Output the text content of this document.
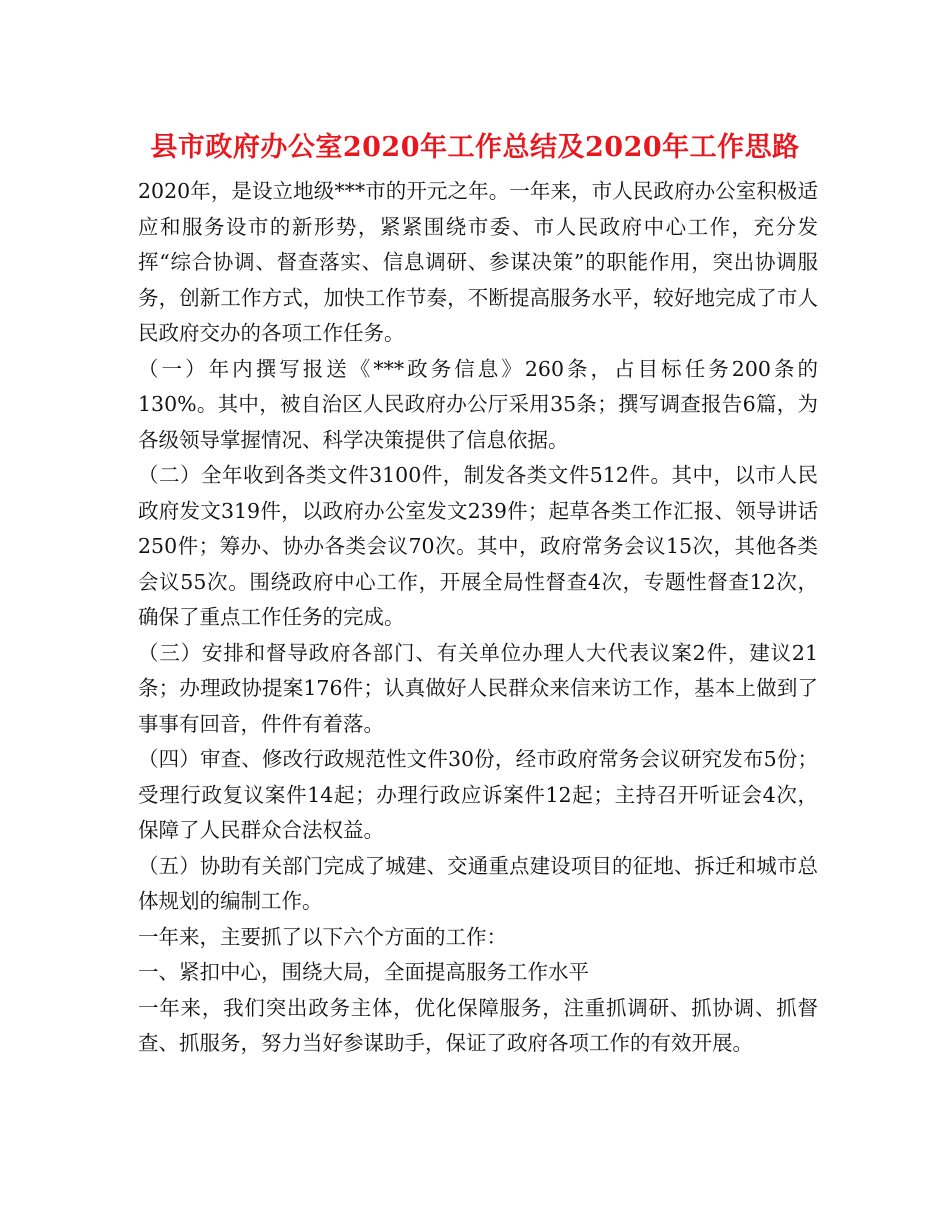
县市政府办公室2020年工作总结及2020年工作思路

2020年，是设立地级***市的开元之年。一年来，市人民政府办公室积极适应和服务设市的新形势，紧紧围绕市委、市人民政府中心工作，充分发挥“综合协调、督查落实、信息调研、参谋决策”的职能作用，突出协调服务，创新工作方式，加快工作节奏，不断提高服务水平，较好地完成了市人民政府交办的各项工作任务。

（一）年内撰写报送《***政务信息》260条，占目标任务200条的130%。其中，被自治区人民政府办公厅采用35条；撰写调查报告6篇，为各级领导掌握情况、科学决策提供了信息依据。

（二）全年收到各类文件3100件，制发各类文件512件。其中，以市人民政府发文319件，以政府办公室发文239件；起草各类工作汇报、领导讲话250件；筹办、协办各类会议70次。其中，政府常务会议15次，其他各类会议55次。围绕政府中心工作，开展全局性督查4次，专题性督查12次，确保了重点工作任务的完成。

（三）安排和督导政府各部门、有关单位办理人大代表议案2件，建议21条；办理政协提案176件；认真做好人民群众来信来访工作，基本上做到了事事有回音，件件有着落。

（四）审查、修改行政规范性文件30份，经市政府常务会议研究发布5份；受理行政复议案件14起；办理行政应诉案件12起；主持召开听证会4次，保障了人民群众合法权益。

（五）协助有关部门完成了城建、交通重点建设项目的征地、拆迁和城市总体规划的编制工作。

一年来，主要抓了以下六个方面的工作：

一、紧扣中心，围绕大局，全面提高服务工作水平

一年来，我们突出政务主体，优化保障服务，注重抓调研、抓协调、抓督查、抓服务，努力当好参谋助手，保证了政府各项工作的有效开展。
